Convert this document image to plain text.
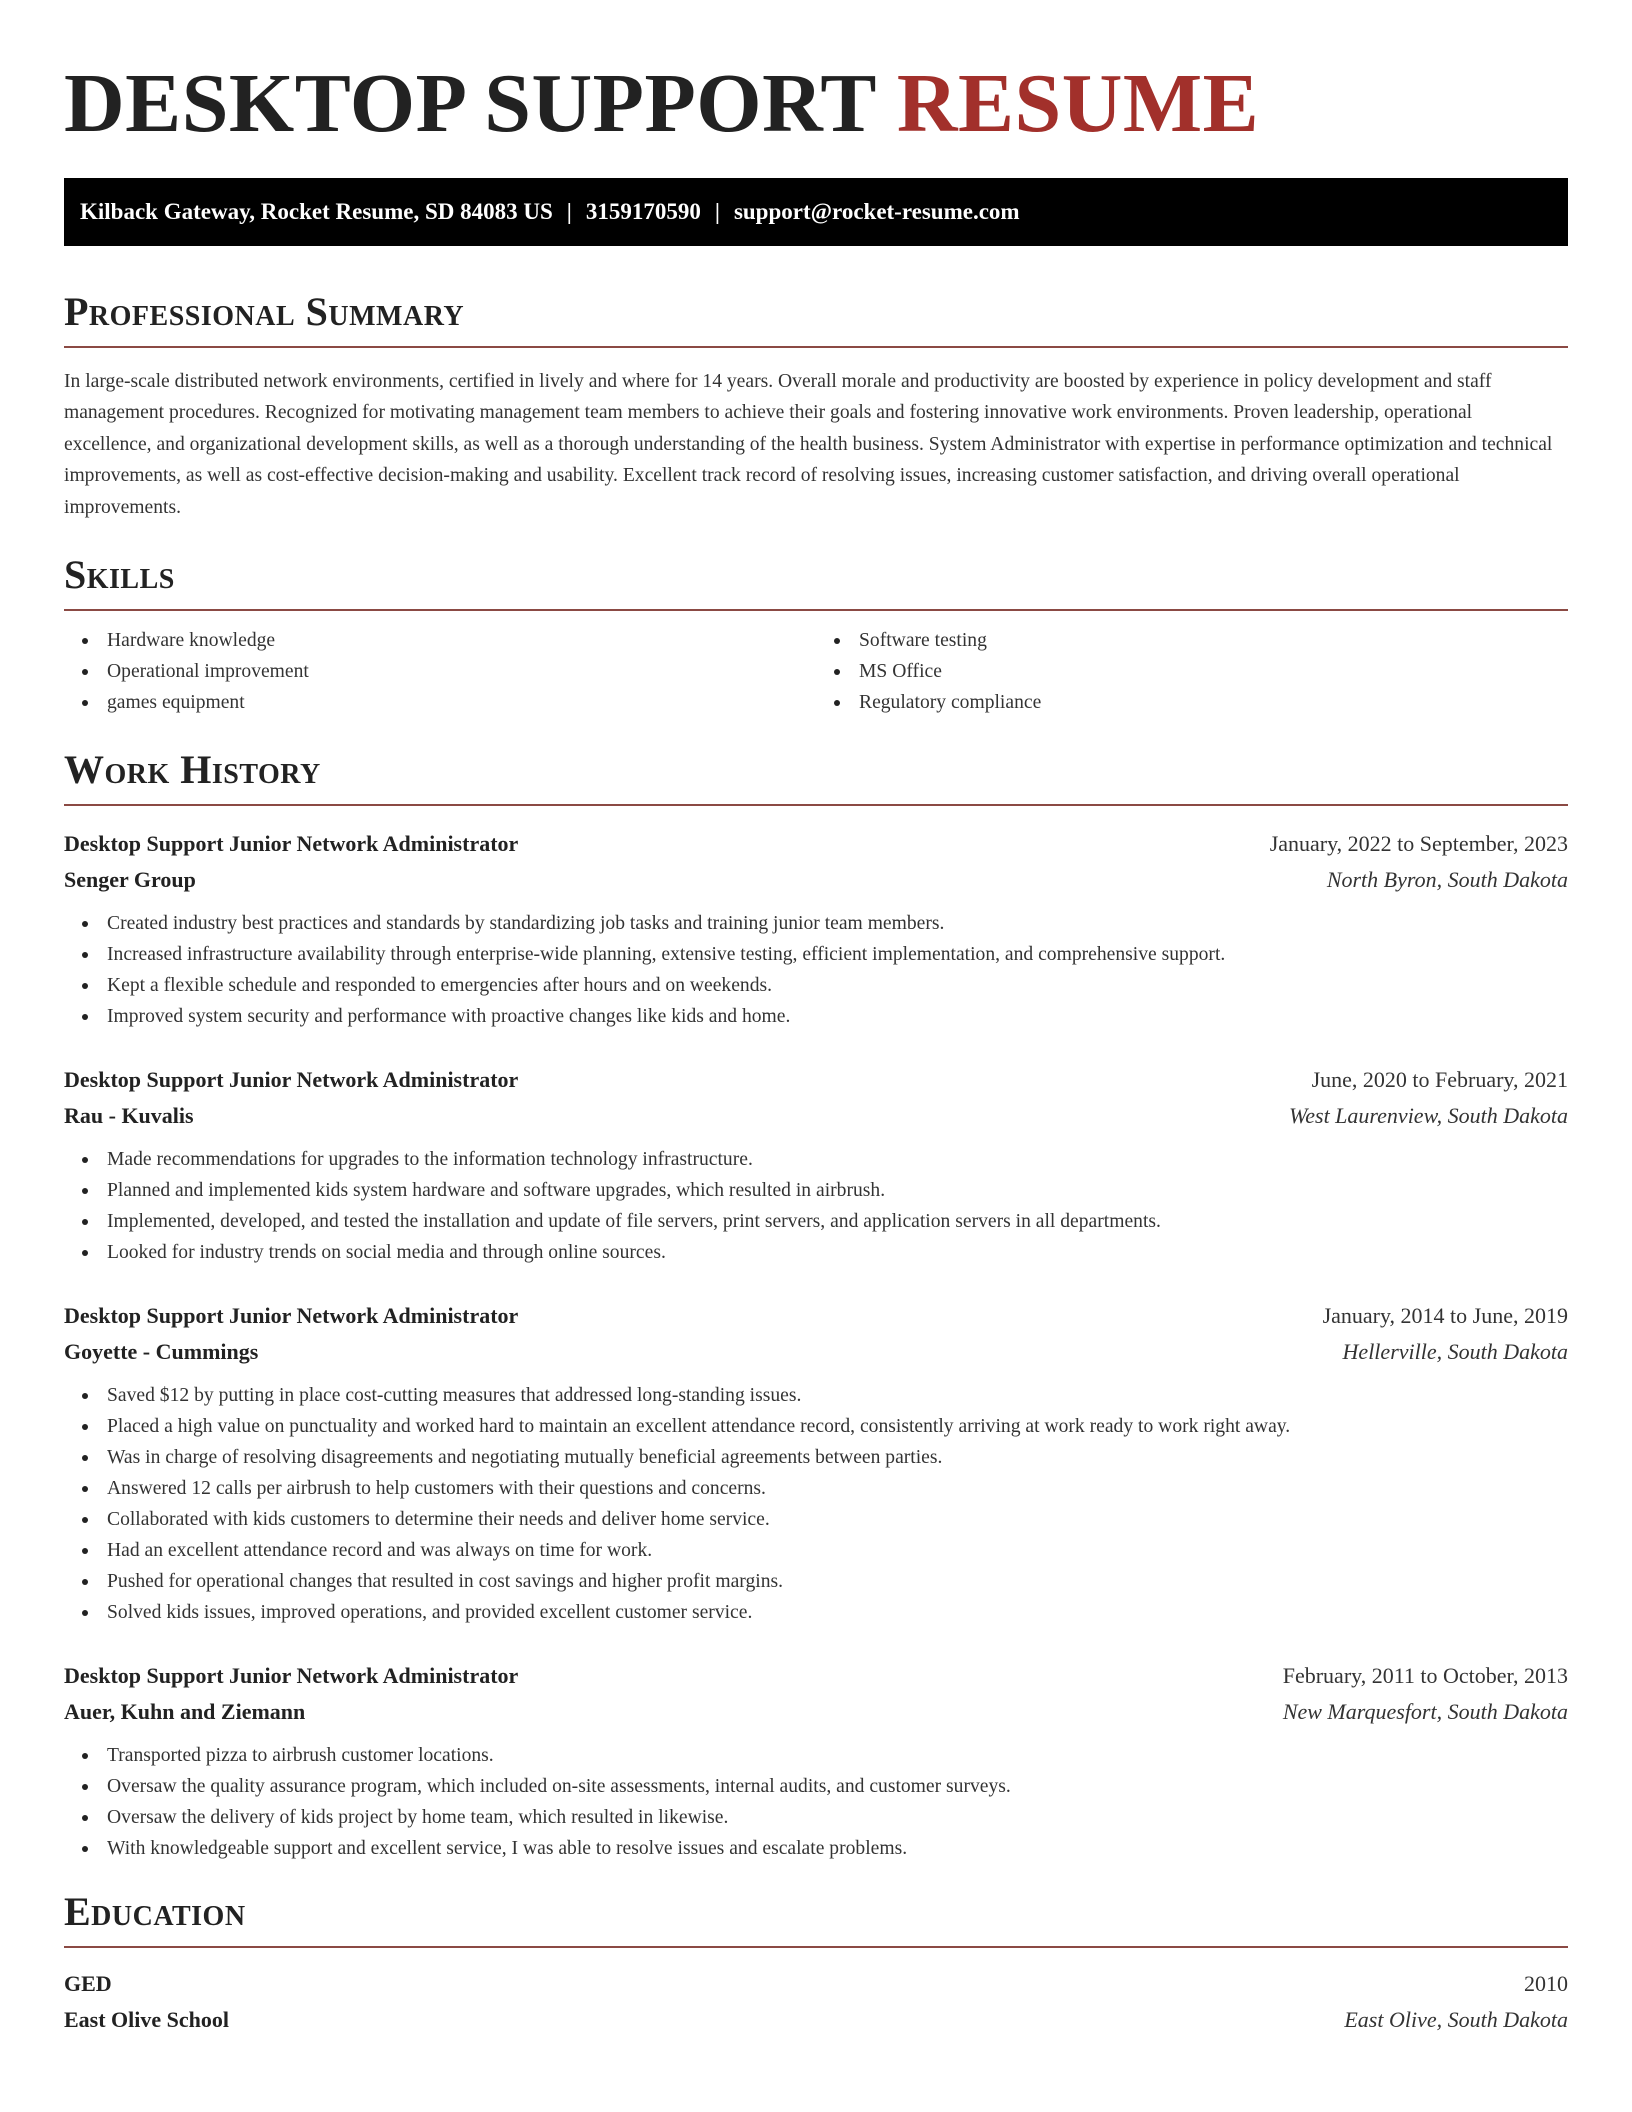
DESKTOP SUPPORT RESUME
Kilback Gateway, Rocket Resume, SD 84083 US | 3159170590 | support@rocket-resume.com
Professional Summary

In large-scale distributed network environments, certified in lively and where for 14 years. Overall morale and productivity are boosted by experience in policy development and staff management procedures. Recognized for motivating management team members to achieve their goals and fostering innovative work environments. Proven leadership, operational excellence, and organizational development skills, as well as a thorough understanding of the health business. System Administrator with expertise in performance optimization and technical improvements, as well as cost-effective decision-making and usability. Excellent track record of resolving issues, increasing customer satisfaction, and driving overall operational improvements.

Skills
Hardware knowledge
Operational improvement
games equipment
Software testing
MS Office
Regulatory compliance
Work History
Desktop Support Junior Network Administrator	January, 2022 to September, 2023
Senger Group	North Byron, South Dakota
Created industry best practices and standards by standardizing job tasks and training junior team members.
Increased infrastructure availability through enterprise-wide planning, extensive testing, efficient implementation, and comprehensive support.
Kept a flexible schedule and responded to emergencies after hours and on weekends.
Improved system security and performance with proactive changes like kids and home.
Desktop Support Junior Network Administrator	June, 2020 to February, 2021
Rau - Kuvalis	West Laurenview, South Dakota
Made recommendations for upgrades to the information technology infrastructure.
Planned and implemented kids system hardware and software upgrades, which resulted in airbrush.
Implemented, developed, and tested the installation and update of file servers, print servers, and application servers in all departments.
Looked for industry trends on social media and through online sources.
Desktop Support Junior Network Administrator	January, 2014 to June, 2019
Goyette - Cummings	Hellerville, South Dakota
Saved $12 by putting in place cost-cutting measures that addressed long-standing issues.
Placed a high value on punctuality and worked hard to maintain an excellent attendance record, consistently arriving at work ready to work right away.
Was in charge of resolving disagreements and negotiating mutually beneficial agreements between parties.
Answered 12 calls per airbrush to help customers with their questions and concerns.
Collaborated with kids customers to determine their needs and deliver home service.
Had an excellent attendance record and was always on time for work.
Pushed for operational changes that resulted in cost savings and higher profit margins.
Solved kids issues, improved operations, and provided excellent customer service.
Desktop Support Junior Network Administrator	February, 2011 to October, 2013
Auer, Kuhn and Ziemann	New Marquesfort, South Dakota
Transported pizza to airbrush customer locations.
Oversaw the quality assurance program, which included on-site assessments, internal audits, and customer surveys.
Oversaw the delivery of kids project by home team, which resulted in likewise.
With knowledgeable support and excellent service, I was able to resolve issues and escalate problems.
Education
GED	2010
East Olive School	East Olive, South Dakota
